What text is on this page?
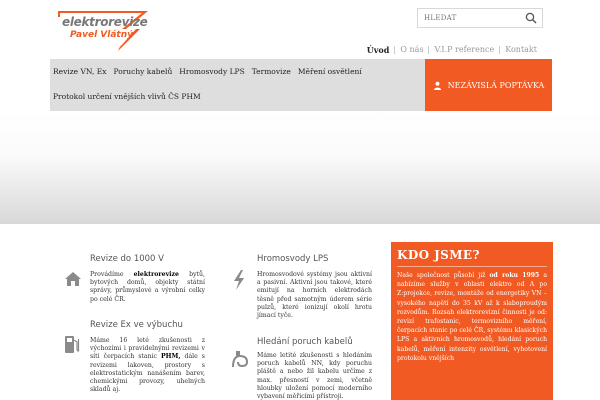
elektrorevize
Pavel Vlátný
HLEDAT
Úvod	O nás	V.I.P reference	Kontakt
Revize VN, Ex Poruchy kabelů Hromosvody LPS Termovize Měření osvětlení
Protokol určení vnějších vlivů ČS PHM
NEZÁVISLÁ POPTÁVKA
Revize do 1000 V
Provádíme elektrorevize bytů, bytových domů, objekty státní správy, průmyslové a výrobní celky po celé ČR.
Revize Ex ve výbuchu
Máme 16 leté zkušenosti z výchozími i pravidelnými revizemi v síti čerpacích stanic PHM, dále s revizemi lakoven, prostory s elektrostatickým nanášením barev, chemickými provozy, uhelných skladů aj.
Hromosvody LPS
Hromosvodové systémy jsou aktivní a pasivní. Aktivní jsou takové, které emitují na horních elektrodách těsně před samotným úderem série pulzů, které ionizují okolí hrotu jímací tyče.
Hledání poruch kabelů
Máme letité zkušenosti s hledáním poruch kabelů NN, kdy poruchu pláště a nebo žil kabelu určíme z max. přesností v zemi, včetně hloubky uložení pomocí moderního vybavení měřicími přístroji.
KDO JSME?
Naše společnost působí již od roku 1995 a nabízíme služby v oblasti elektro od A po Z:projekce, revize, montáže od energetiky VN – vysokého napětí do 35 kV až k slaboproudým rozvodům. Rozsah elektrorevizní činnosti je od: revizí trafostanic, termovizního měření, čerpacích stanic po celé ČR, systému klasických LPS a aktivních hromosvodů, hledání poruch kabelů, měření intenzity osvětlení, vyhotovení protokolu vnějších
